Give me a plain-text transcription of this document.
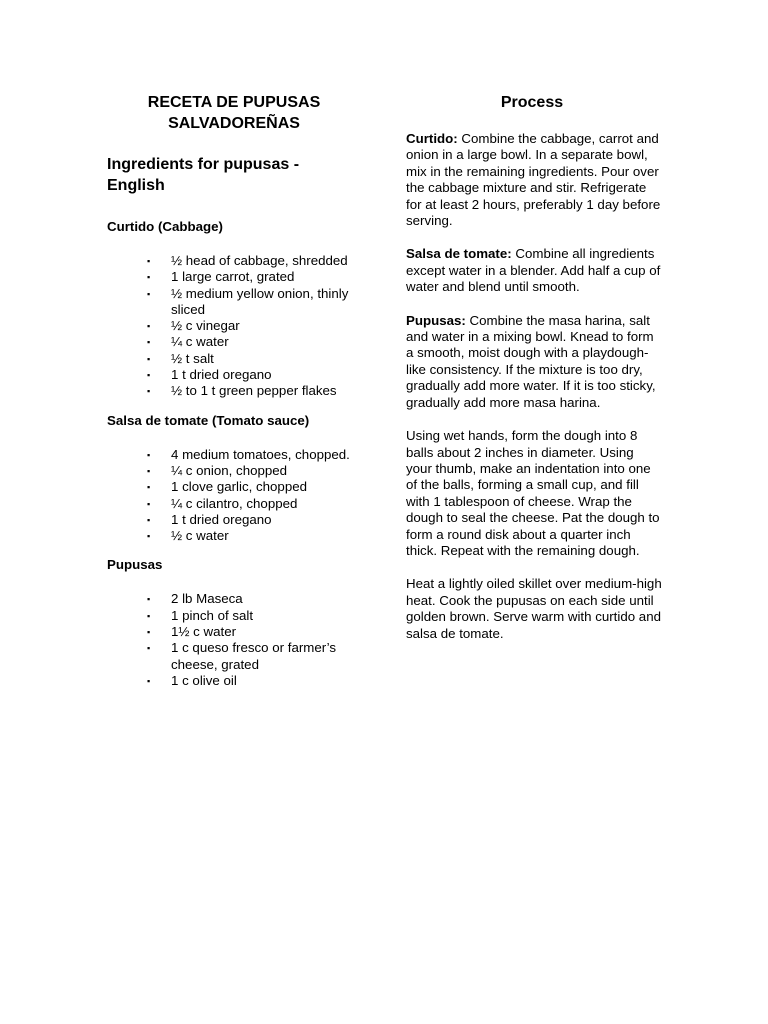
RECETA DE PUPUSAS
SALVADOREÑAS
Ingredients for pupusas -
English
Curtido (Cabbage)
▪ ½ head of cabbage, shredded
▪ 1 large carrot, grated
▪ ½ medium yellow onion, thinly sliced
▪ ½ c vinegar
▪ ¼ c water
▪ ½ t salt
▪ 1 t dried oregano
▪ ½ to 1 t green pepper flakes
Salsa de tomate (Tomato sauce)
▪ 4 medium tomatoes, chopped.
▪ ¼ c onion, chopped
▪ 1 clove garlic, chopped
▪ ¼ c cilantro, chopped
▪ 1 t dried oregano
▪ ½ c water
Pupusas
▪ 2 lb Maseca
▪ 1 pinch of salt
▪ 1½ c water
▪ 1 c queso fresco or farmer’s cheese, grated
▪ 1 c olive oil
Process

Curtido: Combine the cabbage, carrot and onion in a large bowl. In a separate bowl, mix in the remaining ingredients. Pour over the cabbage mixture and stir. Refrigerate for at least 2 hours, preferably 1 day before serving.

Salsa de tomate: Combine all ingredients except water in a blender. Add half a cup of water and blend until smooth.

Pupusas: Combine the masa harina, salt and water in a mixing bowl. Knead to form a smooth, moist dough with a playdough-like consistency. If the mixture is too dry, gradually add more water. If it is too sticky, gradually add more masa harina.

Using wet hands, form the dough into 8 balls about 2 inches in diameter. Using your thumb, make an indentation into one of the balls, forming a small cup, and fill with 1 tablespoon of cheese. Wrap the dough to seal the cheese. Pat the dough to form a round disk about a quarter inch thick. Repeat with the remaining dough.

Heat a lightly oiled skillet over medium-high heat. Cook the pupusas on each side until golden brown. Serve warm with curtido and salsa de tomate.
